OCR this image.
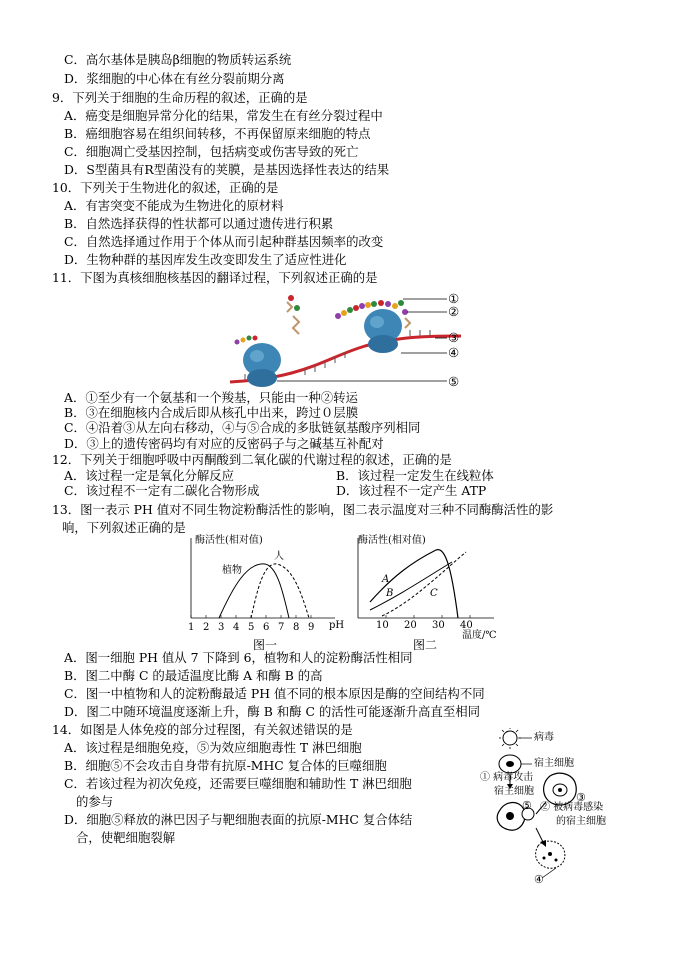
C．高尔基体是胰岛β细胞的物质转运系统
D．浆细胞的中心体在有丝分裂前期分离
9．下列关于细胞的生命历程的叙述，正确的是
A．癌变是细胞异常分化的结果，常发生在有丝分裂过程中
B．癌细胞容易在组织间转移，不再保留原来细胞的特点
C．细胞凋亡受基因控制，包括病变或伤害导致的死亡
D．S型菌具有R型菌没有的荚膜，是基因选择性表达的结果
10．下列关于生物进化的叙述，正确的是
A．有害突变不能成为生物进化的原材料
B．自然选择获得的性状都可以通过遗传进行积累
C．自然选择通过作用于个体从而引起种群基因频率的改变
D．生物种群的基因库发生改变即发生了适应性进化
11．下图为真核细胞核基因的翻译过程，下列叙述正确的是
①
②
③
④
⑤
A．①至少有一个氨基和一个羧基，只能由一种②转运
B．③在细胞核内合成后即从核孔中出来，跨过０层膜
C．④沿着③从左向右移动，④与⑤合成的多肽链氨基酸序列相同
D．③上的遗传密码均有对应的反密码子与之碱基互补配对
12．下列关于细胞呼吸中丙酮酸到二氧化碳的代谢过程的叙述，正确的是
A．该过程一定是氧化分解反应	B．该过程一定发生在线粒体
C．该过程不一定有二碳化合物形成	D．该过程不一定产生 ATP
13．图一表示 PH 值对不同生物淀粉酶活性的影响，图二表示温度对三种不同酶酶活性的影
响，下列叙述正确的是
酶活性(相对值)
植物
人
1 2 3 4 5 6 7 8 9 pH
图一
酶活性(相对值)
A
B	C
10 20 30 40
温度/℃
图二
A．图一细胞 PH 值从 7 下降到 6，植物和人的淀粉酶活性相同
B．图二中酶 C 的最适温度比酶 A 和酶 B 的高
C．图一中植物和人的淀粉酶最适 PH 值不同的根本原因是酶的空间结构不同
D．图二中随环境温度逐渐上升，酶 B 和酶 C 的活性可能逐渐升高直至相同
14．如图是人体免疫的部分过程图，有关叙述错误的是
A．该过程是细胞免疫，⑤为效应细胞毒性 T 淋巴细胞
B．细胞⑤不会攻击自身带有抗原-MHC 复合体的巨噬细胞
C．若该过程为初次免疫，还需要巨噬细胞和辅助性 T 淋巴细胞
的参与
D．细胞⑤释放的淋巴因子与靶细胞表面的抗原-MHC 复合体结
合，使靶细胞裂解
病毒
宿主细胞
① 病毒攻击
宿主细胞
② 被病毒感染
的宿主细胞
⑤
③
④
